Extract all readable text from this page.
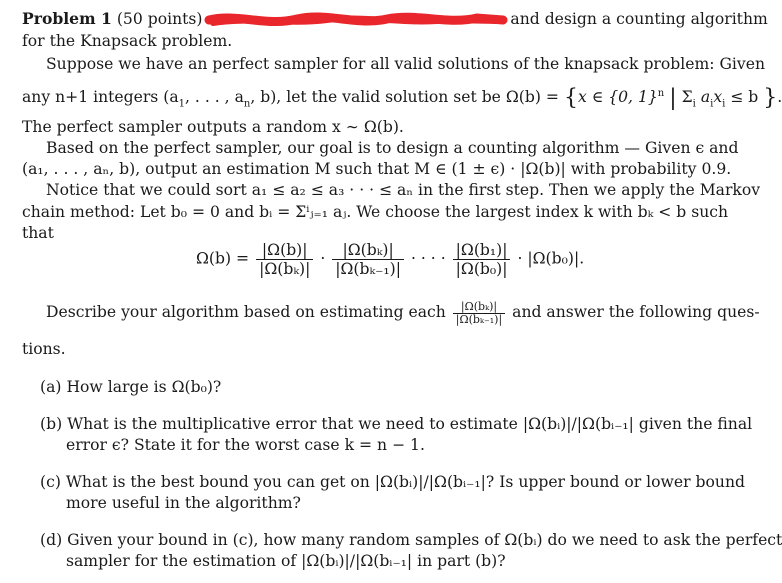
Problem 1 (50 points)	and design a counting algorithm
for the Knapsack problem.
Suppose we have an perfect sampler for all valid solutions of the knapsack problem: Given
any n+1 integers ($a_1$, . . . , $a_n$, b), let the valid solution set be Ω(b) = {x ∈ {0, 1}$^n$ | $\Sigma_i$ $a_ix_i \le b$ }.
The perfect sampler outputs a random x ∼ Ω(b).
Based on the perfect sampler, our goal is to design a counting algorithm — Given ϵ and
(a₁, . . . , aₙ, b), output an estimation M such that M ∈ (1 ± ϵ) · |Ω(b)| with probability 0.9.
Notice that we could sort a₁ ≤ a₂ ≤ a₃ · · · ≤ aₙ in the first step. Then we apply the Markov
chain method: Let b₀ = 0 and bᵢ = Σⁱⱼ₌₁ aⱼ. We choose the largest index k with bₖ < b such
that
$\Omega(b) = \frac{|\Omega(b)|}{\text{|Ω(bₖ)|}} \cdot \frac{\text{|Ω(bₖ)|}}{\text{|Ω(bₖ₋₁)|}}$ · · · · $\frac{\text{|Ω(b₁)|}}{\text{|Ω(b₀)|}} \cdot |\Omega(b_0)|$.
Describe your algorithm based on estimating each $\frac{\text{|Ω(bₖ)|}}{\text{|Ω(bₖ₋₁)|}}$ and answer the following ques-
tions.
(a) How large is Ω(b₀)?
(b) What is the multiplicative error that we need to estimate |Ω(bᵢ)|/|Ω(bᵢ₋₁| given the final
error ϵ? State it for the worst case k = n − 1.
(c) What is the best bound you can get on |Ω(bᵢ)|/|Ω(bᵢ₋₁|? Is upper bound or lower bound
more useful in the algorithm?
(d) Given your bound in (c), how many random samples of Ω(bᵢ) do we need to ask the perfect
sampler for the estimation of |Ω(bᵢ)|/|Ω(bᵢ₋₁| in part (b)?
